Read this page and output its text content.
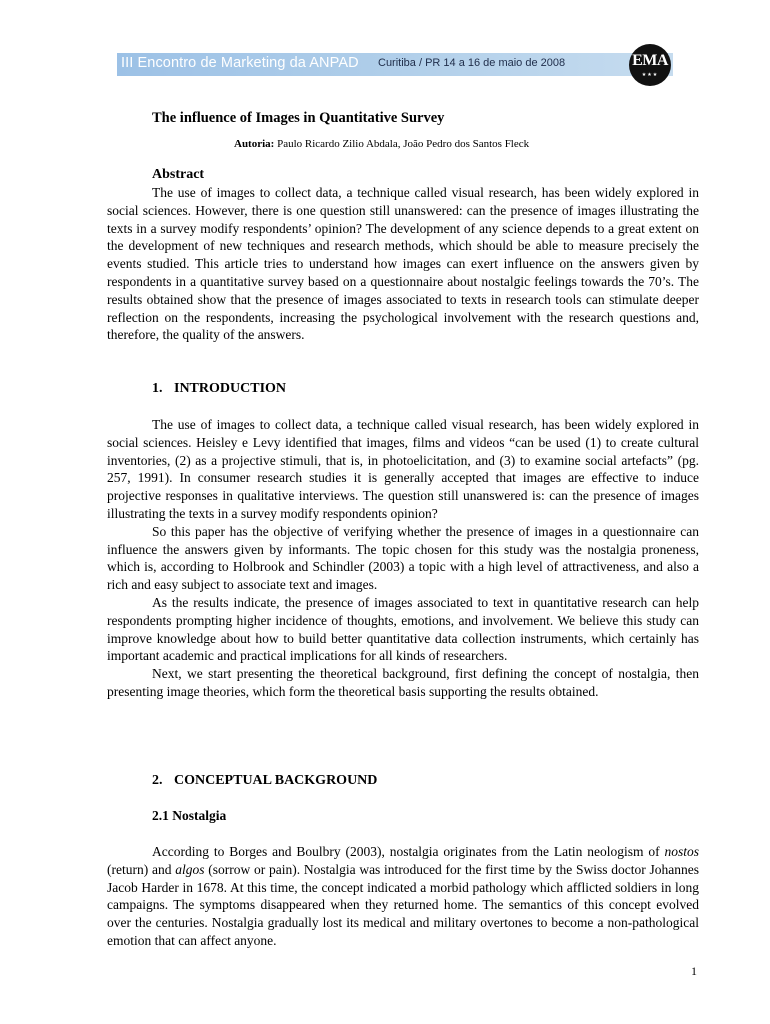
III Encontro de Marketing da ANPAD Curitiba / PR 14 a 16 de maio de 2008	EMA
★★★
The influence of Images in Quantitative Survey
Autoria: Paulo Ricardo Zilio Abdala, João Pedro dos Santos Fleck
Abstract

The use of images to collect data, a technique called visual research, has been widely explored in social sciences. However, there is one question still unanswered: can the presence of images illustrating the texts in a survey modify respondents’ opinion? The development of any science depends to a great extent on the development of new techniques and research methods, which should be able to measure precisely the events studied. This article tries to understand how images can exert influence on the answers given by respondents in a quantitative survey based on a questionnaire about nostalgic feelings towards the 70’s. The results obtained show that the presence of images associated to texts in research tools can stimulate deeper reflection on the respondents, increasing the psychological involvement with the research questions and, therefore, the quality of the answers.

1. INTRODUCTION

The use of images to collect data, a technique called visual research, has been widely explored in social sciences. Heisley e Levy identified that images, films and videos “can be used (1) to create cultural inventories, (2) as a projective stimuli, that is, in photoelicitation, and (3) to examine social artefacts” (pg. 257, 1991). In consumer research studies it is generally accepted that images are effective to induce projective responses in qualitative interviews. The question still unanswered is: can the presence of images illustrating the texts in a survey modify respondents opinion?

So this paper has the objective of verifying whether the presence of images in a questionnaire can influence the answers given by informants. The topic chosen for this study was the nostalgia proneness, which is, according to Holbrook and Schindler (2003) a topic with a high level of attractiveness, and also a rich and easy subject to associate text and images.

As the results indicate, the presence of images associated to text in quantitative research can help respondents prompting higher incidence of thoughts, emotions, and involvement. We believe this study can improve knowledge about how to build better quantitative data collection instruments, which certainly has important academic and practical implications for all kinds of researchers.

Next, we start presenting the theoretical background, first defining the concept of nostalgia, then presenting image theories, which form the theoretical basis supporting the results obtained.

2. CONCEPTUAL BACKGROUND
2.1 Nostalgia

According to Borges and Boulbry (2003), nostalgia originates from the Latin neologism of nostos (return) and algos (sorrow or pain). Nostalgia was introduced for the first time by the Swiss doctor Johannes Jacob Harder in 1678. At this time, the concept indicated a morbid pathology which afflicted soldiers in long campaigns. The symptoms disappeared when they returned home. The semantics of this concept evolved over the centuries. Nostalgia gradually lost its medical and military overtones to become a non-pathological emotion that can affect anyone.

1
